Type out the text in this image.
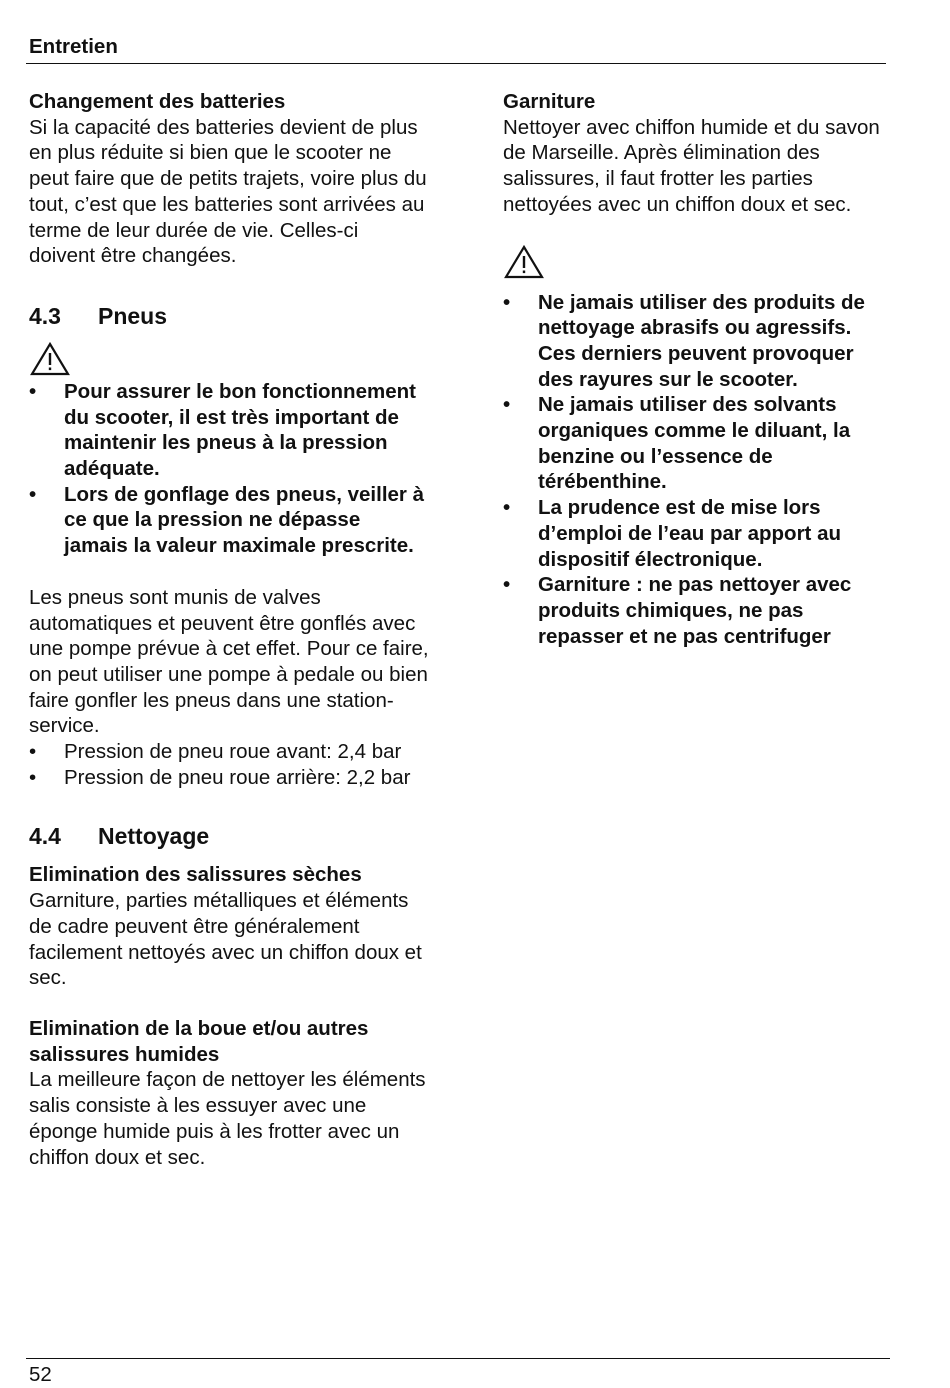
Entretien

Changement des batteries

Si la capacité des batteries devient de plus en plus réduite si bien que le scooter ne peut faire que de petits trajets, voire plus du tout, c’est que les batteries sont arrivées au terme de leur durée de vie. Celles-ci doivent être changées.

4.3	Pneus
• Pour assurer le bon fonctionnement du scooter, il est très important de maintenir les pneus à la pression adéquate.
• Lors de gonflage des pneus, veiller à ce que la pression ne dépasse jamais la valeur maximale prescrite.

Les pneus sont munis de valves automatiques et peuvent être gonflés avec une pompe prévue à cet effet. Pour ce faire, on peut utiliser une pompe à pedale ou bien faire gonfler les pneus dans une station-service.

• Pression de pneu roue avant: 2,4 bar
• Pression de pneu roue arrière: 2,2 bar
4.4	Nettoyage

Elimination des salissures sèches

Garniture, parties métalliques et éléments de cadre peuvent être généralement facilement nettoyés avec un chiffon doux et sec.

Elimination de la boue et/ou autres salissures humides

La meilleure façon de nettoyer les éléments salis consiste à les essuyer avec une éponge humide puis à les frotter avec un chiffon doux et sec.

Garniture

Nettoyer avec chiffon humide et du savon de Marseille. Après élimination des salissures, il faut frotter les parties nettoyées avec un chiffon doux et sec.

• Ne jamais utiliser des produits de nettoyage abrasifs ou agressifs. Ces derniers peuvent provoquer des rayures sur le scooter.
• Ne jamais utiliser des solvants organiques comme le diluant, la benzine ou l’essence de térébenthine.
• La prudence est de mise lors d’emploi de l’eau par apport au dispositif électronique.
• Garniture : ne pas nettoyer avec produits chimiques, ne pas repasser et ne pas centrifuger
52
